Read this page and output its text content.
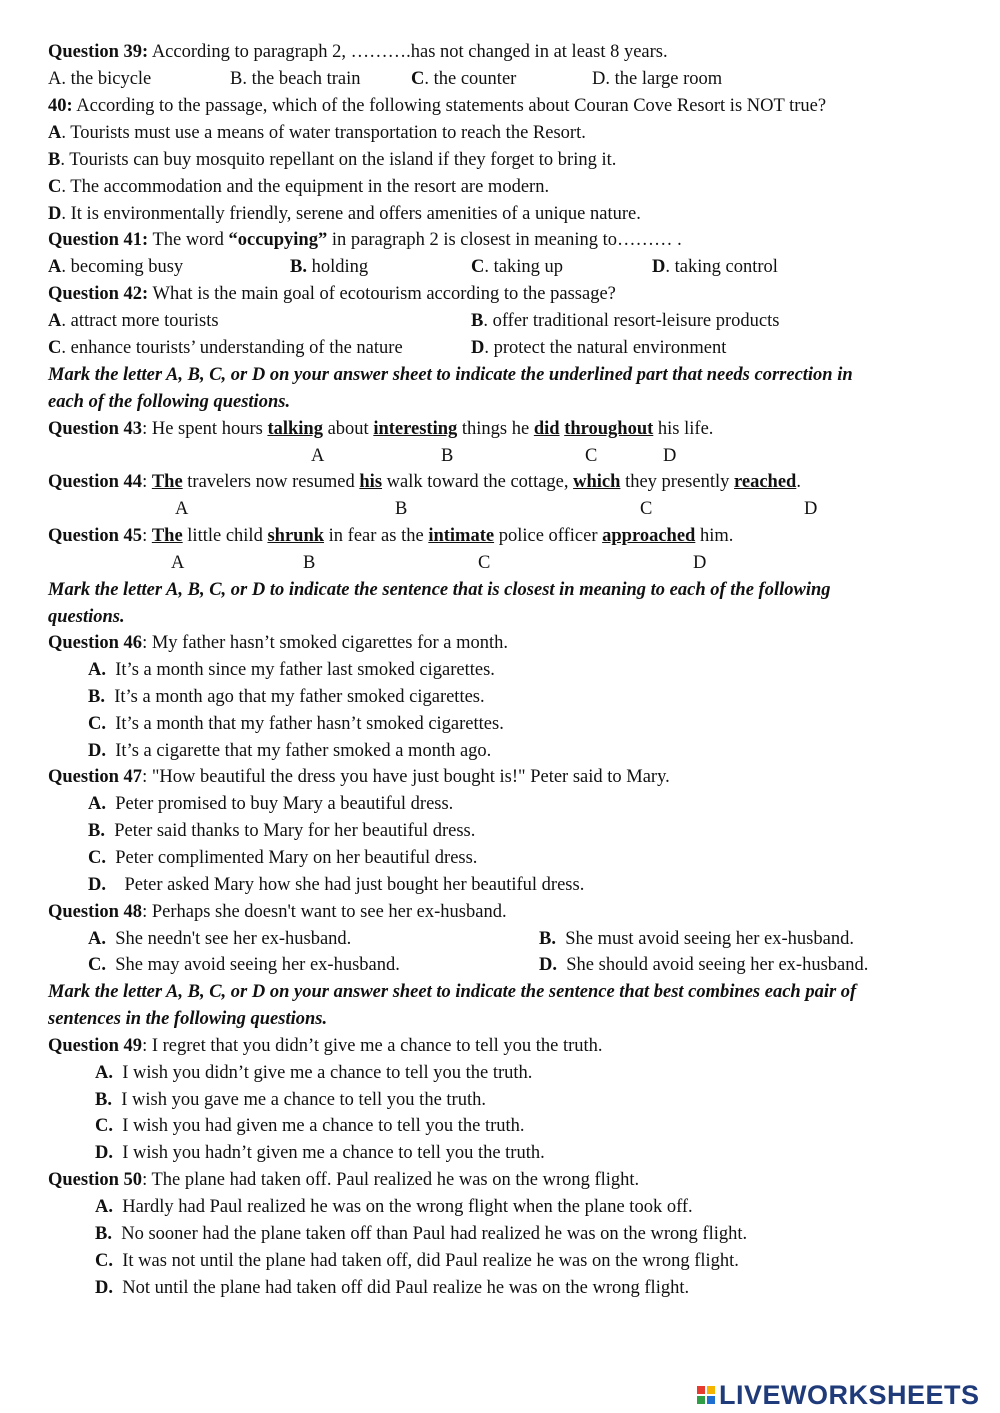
Question 39: According to paragraph 2, ……….has not changed in at least 8 years.
A. the bicycle	B. the beach train	C. the counter	D. the large room
40: According to the passage, which of the following statements about Couran Cove Resort is NOT true?
A. Tourists must use a means of water transportation to reach the Resort.
B. Tourists can buy mosquito repellant on the island if they forget to bring it.
C. The accommodation and the equipment in the resort are modern.
D. It is environmentally friendly, serene and offers amenities of a unique nature.
Question 41: The word “occupying” in paragraph 2 is closest in meaning to……… .
A. becoming busy	B. holding	C. taking up	D. taking control
Question 42: What is the main goal of ecotourism according to the passage?
A. attract more tourists	B. offer traditional resort-leisure products
C. enhance tourists’ understanding of the nature	D. protect the natural environment
Mark the letter A, B, C, or D on your answer sheet to indicate the underlined part that needs correction in
each of the following questions.
Question 43: He spent hours talking about interesting things he did throughout his life.
A	B	C	D
Question 44: The travelers now resumed his walk toward the cottage, which they presently reached.
A	B	C	D
Question 45: The little child shrunk in fear as the intimate police officer approached him.
A	B	C	D
Mark the letter A, B, C, or D to indicate the sentence that is closest in meaning to each of the following
questions.
Question 46: My father hasn’t smoked cigarettes for a month.
A. It’s a month since my father last smoked cigarettes.
B. It’s a month ago that my father smoked cigarettes.
C. It’s a month that my father hasn’t smoked cigarettes.
D. It’s a cigarette that my father smoked a month ago.
Question 47: "How beautiful the dress you have just bought is!" Peter said to Mary.
A. Peter promised to buy Mary a beautiful dress.
B. Peter said thanks to Mary for her beautiful dress.
C. Peter complimented Mary on her beautiful dress.
D. Peter asked Mary how she had just bought her beautiful dress.
Question 48: Perhaps she doesn't want to see her ex-husband.
A. She needn't see her ex-husband.	B. She must avoid seeing her ex-husband.
C. She may avoid seeing her ex-husband.	D. She should avoid seeing her ex-husband.
Mark the letter A, B, C, or D on your answer sheet to indicate the sentence that best combines each pair of
sentences in the following questions.
Question 49: I regret that you didn’t give me a chance to tell you the truth.
A. I wish you didn’t give me a chance to tell you the truth.
B. I wish you gave me a chance to tell you the truth.
C. I wish you had given me a chance to tell you the truth.
D. I wish you hadn’t given me a chance to tell you the truth.
Question 50: The plane had taken off. Paul realized he was on the wrong flight.
A. Hardly had Paul realized he was on the wrong flight when the plane took off.
B. No sooner had the plane taken off than Paul had realized he was on the wrong flight.
C. It was not until the plane had taken off, did Paul realize he was on the wrong flight.
D. Not until the plane had taken off did Paul realize he was on the wrong flight.
LIVEWORKSHEETS
